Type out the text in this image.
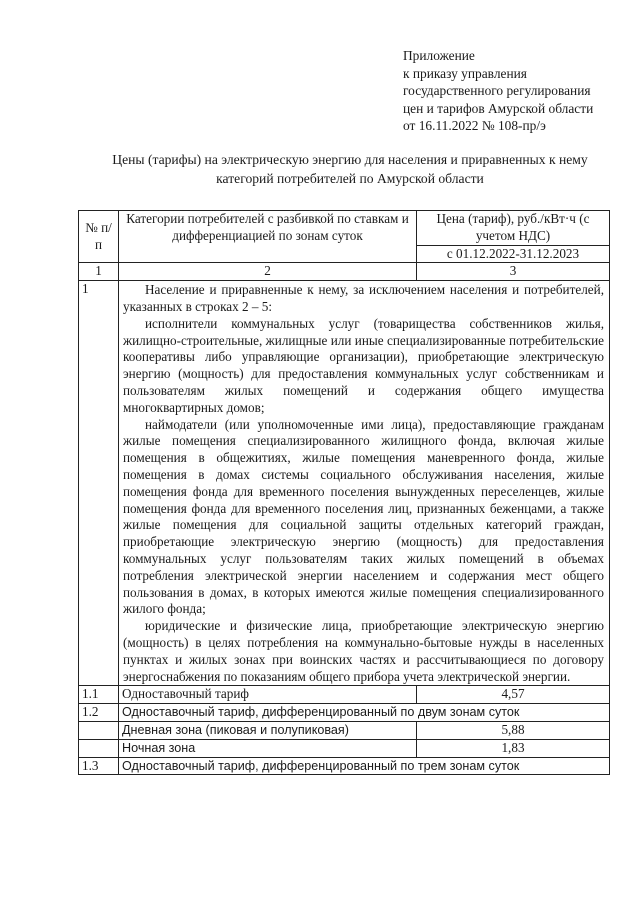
Приложение
к приказу управления
государственного регулирования
цен и тарифов Амурской области
от 16.11.2022 № 108-пр/э
Цены (тарифы) на электрическую энергию для населения и приравненных к нему
категорий потребителей по Амурской области
№ п/п	Категории потребителей с разбивкой по ставкам и дифференциацией по зонам суток	Цена (тариф), руб./кВт·ч (с учетом НДС)
		с 01.12.2022-31.12.2023
1	2	3
1	Население и приравненные к нему, за исключением населения и потребителей, указанных в строках 2 – 5:

исполнители коммунальных услуг (товарищества собственников жилья, жилищно-строительные, жилищные или иные специализированные потребительские кооперативы либо управляющие организации), приобретающие электрическую энергию (мощность) для предоставления коммунальных услуг собственникам и пользователям жилых помещений и содержания общего имущества многоквартирных домов;

наймодатели (или уполномоченные ими лица), предоставляющие гражданам жилые помещения специализированного жилищного фонда, включая жилые помещения в общежитиях, жилые помещения маневренного фонда, жилые помещения в домах системы социального обслуживания населения, жилые помещения фонда для временного поселения вынужденных переселенцев, жилые помещения фонда для временного поселения лиц, признанных беженцами, а также жилые помещения для социальной защиты отдельных категорий граждан, приобретающие электрическую энергию (мощность) для предоставления коммунальных услуг пользователям таких жилых помещений в объемах потребления электрической энергии населением и содержания мест общего пользования в домах, в которых имеются жилые помещения специализированного жилого фонда;

юридические и физические лица, приобретающие электрическую энергию (мощность) в целях потребления на коммунально-бытовые нужды в населенных пунктах и жилых зонах при воинских частях и рассчитывающиеся по договору энергоснабжения по показаниям общего прибора учета электрической энергии.	

1.1	Одноставочный тариф	4,57
1.2	Одноставочный тариф, дифференцированный по двум зонам суток	
	Дневная зона (пиковая и полупиковая)	5,88
	Ночная зона	1,83
1.3	Одноставочный тариф, дифференцированный по трем зонам суток	
